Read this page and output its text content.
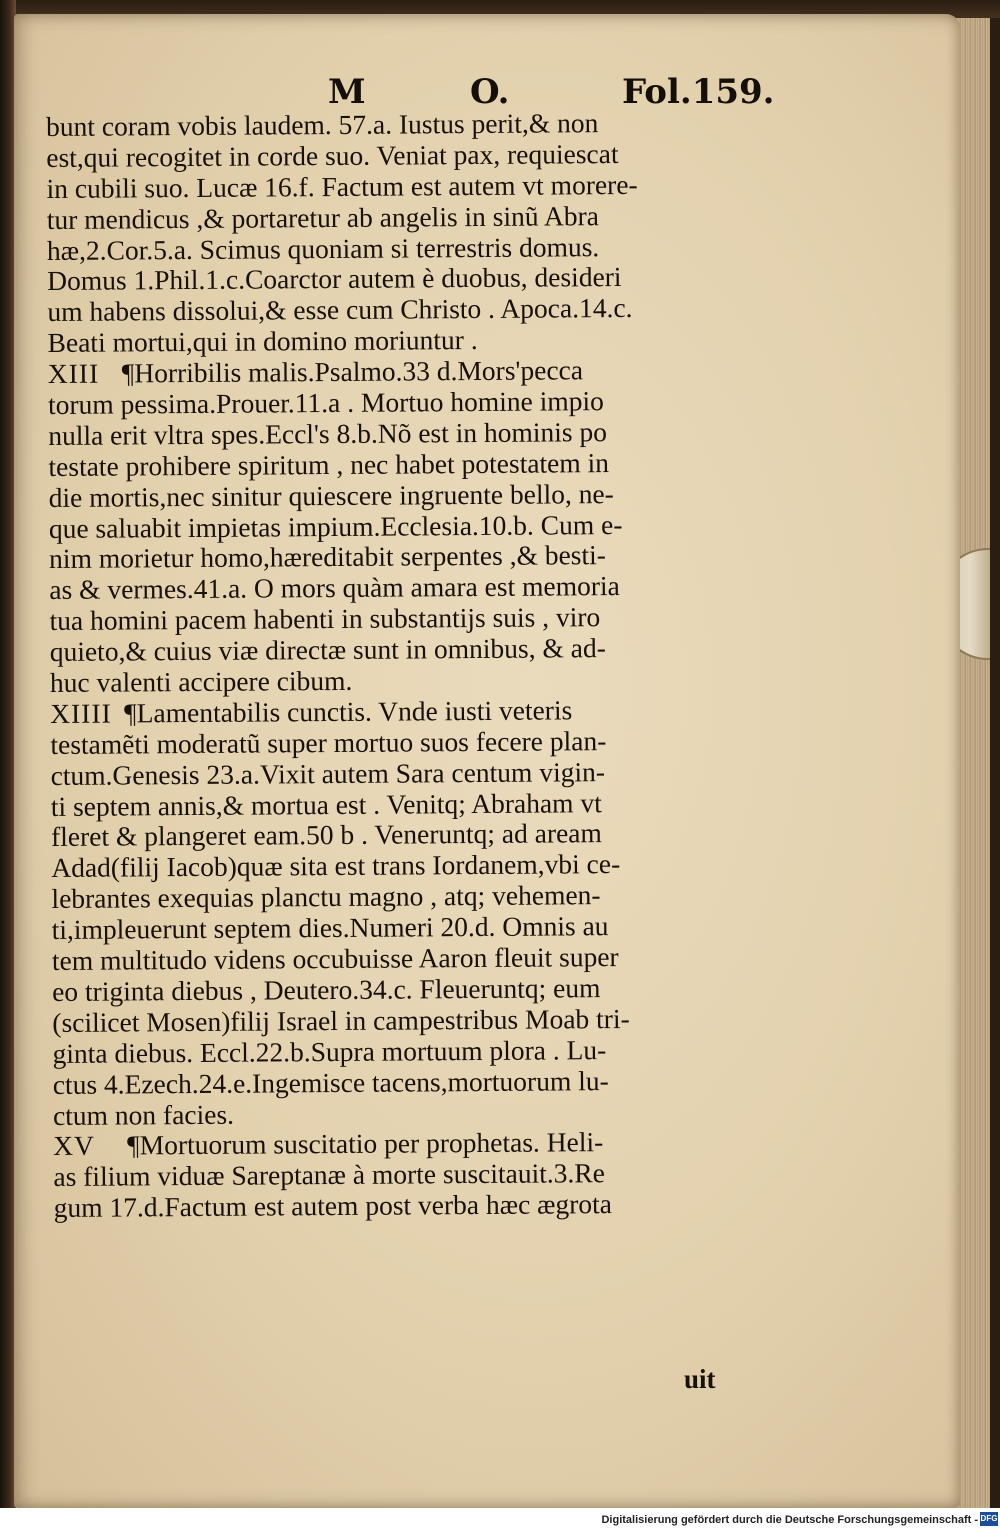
M	O.	Fol.159.
bunt coram vobis laudem. 57.a. Iustus perit,& non
est,qui recogitet in corde suo. Veniat pax, requiescat
in cubili suo. Lucæ 16.f. Factum est autem vt morere-
tur mendicus ,& portaretur ab angelis in sinũ Abra
hæ,2.Cor.5.a. Scimus quoniam si terrestris domus.
Domus 1.Phil.1.c.Coarctor autem è duobus, desideri
um habens dissolui,& esse cum Christo . Apoca.14.c.
Beati mortui,qui in domino moriuntur .
XIII ¶Horribilis malis.Psalmo.33 d.Mors'pecca
torum pessima.Prouer.11.a . Mortuo homine impio
nulla erit vltra spes.Eccl's 8.b.Nõ est in hominis po
testate prohibere spiritum , nec habet potestatem in
die mortis,nec sinitur quiescere ingruente bello, ne-
que saluabit impietas impium.Ecclesia.10.b. Cum e-
nim morietur homo,hæreditabit serpentes ,& besti-
as & vermes.41.a. O mors quàm amara est memoria
tua homini pacem habenti in substantijs suis , viro
quieto,& cuius viæ directæ sunt in omnibus, & ad-
huc valenti accipere cibum.
XIIII ¶Lamentabilis cunctis. Vnde iusti veteris
testamẽti moderatũ super mortuo suos fecere plan-
ctum.Genesis 23.a.Vixit autem Sara centum vigin-
ti septem annis,& mortua est . Venitq; Abraham vt
fleret & plangeret eam.50 b . Veneruntq; ad aream
Adad(filij Iacob)quæ sita est trans Iordanem,vbi ce-
lebrantes exequias planctu magno , atq; vehemen-
ti,impleuerunt septem dies.Numeri 20.d. Omnis au
tem multitudo videns occubuisse Aaron fleuit super
eo triginta diebus , Deutero.34.c. Fleueruntq; eum
(scilicet Mosen)filij Israel in campestribus Moab tri-
ginta diebus. Eccl.22.b.Supra mortuum plora . Lu-
ctus 4.Ezech.24.e.Ingemisce tacens,mortuorum lu-
ctum non facies.
XV ¶Mortuorum suscitatio per prophetas. Heli-
as filium viduæ Sareptanæ à morte suscitauit.3.Re
gum 17.d.Factum est autem post verba hæc ægrota
uit
Digitalisierung gefördert durch die Deutsche Forschungsgemeinschaft - DFG
